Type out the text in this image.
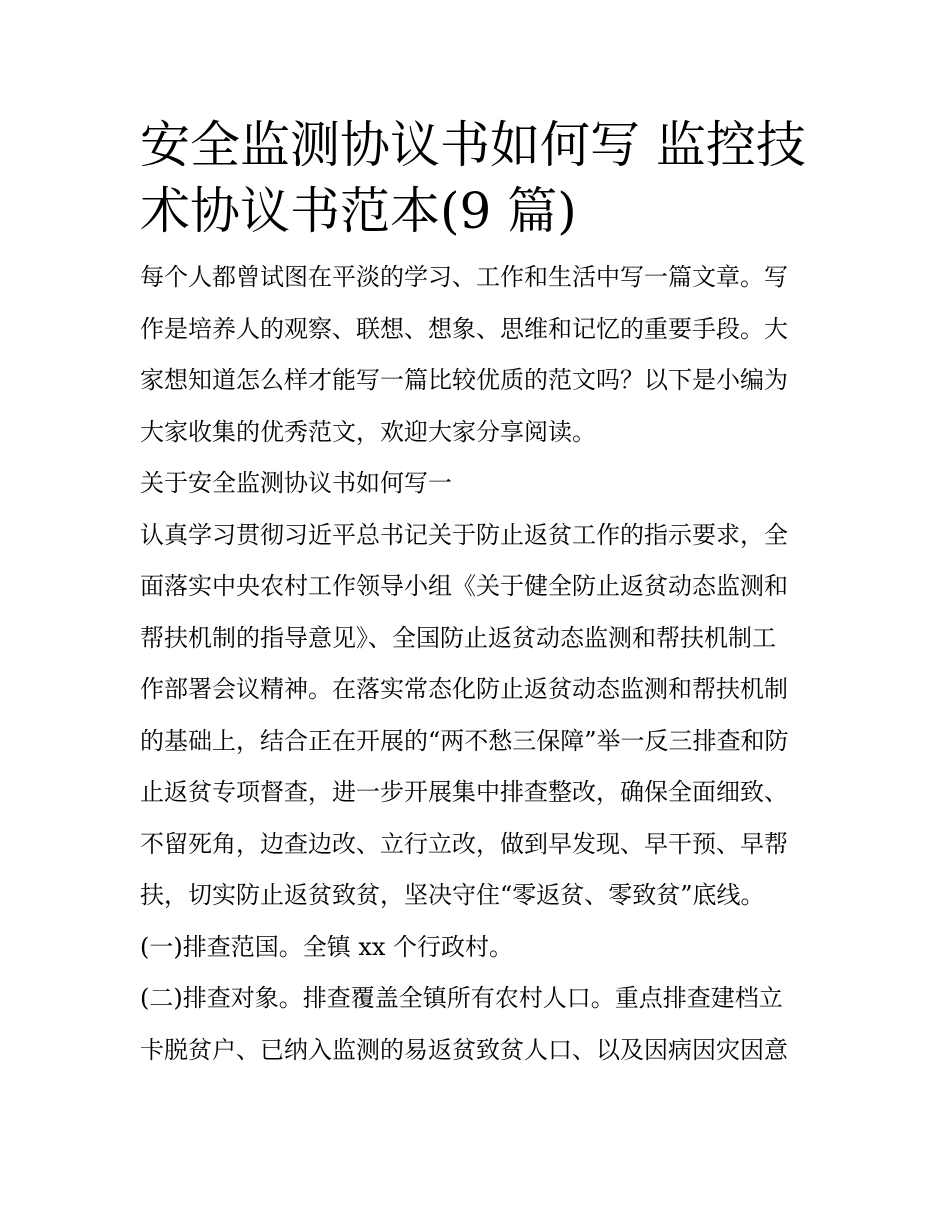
安全监测协议书如何写 监控技
术协议书范本(9 篇)
每个人都曾试图在平淡的学习、工作和生活中写一篇文章。写
作是培养人的观察、联想、想象、思维和记忆的重要手段。大
家想知道怎么样才能写一篇比较优质的范文吗？以下是小编为
大家收集的优秀范文，欢迎大家分享阅读。
关于安全监测协议书如何写一
认真学习贯彻习近平总书记关于防止返贫工作的指示要求，全
面落实中央农村工作领导小组《关于健全防止返贫动态监测和
帮扶机制的指导意见》、全国防止返贫动态监测和帮扶机制工
作部署会议精神。在落实常态化防止返贫动态监测和帮扶机制
的基础上，结合正在开展的“两不愁三保障”举一反三排查和防
止返贫专项督查，进一步开展集中排查整改，确保全面细致、
不留死角，边查边改、立行立改，做到早发现、早干预、早帮
扶，切实防止返贫致贫，坚决守住“零返贫、零致贫”底线。
(一)排查范国。全镇 xx 个行政村。
(二)排查对象。排查覆盖全镇所有农村人口。重点排查建档立
卡脱贫户、已纳入监测的易返贫致贫人口、以及因病因灾因意
